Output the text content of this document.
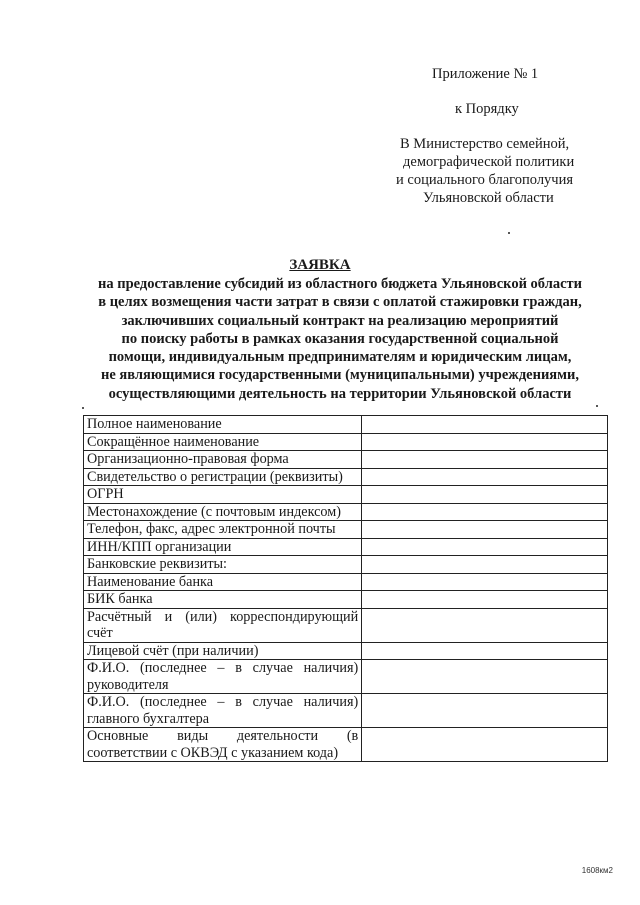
Приложение № 1
к Порядку
В Министерство семейной,
демографической политики
и социального благополучия
Ульяновской области
ЗАЯВКА
на предоставление субсидий из областного бюджета Ульяновской области
в целях возмещения части затрат в связи с оплатой стажировки граждан,
заключивших социальный контракт на реализацию мероприятий
по поиску работы в рамках оказания государственной социальной
помощи, индивидуальным предпринимателям и юридическим лицам,
не являющимися государственными (муниципальными) учреждениями,
осуществляющими деятельность на территории Ульяновской области
Полное наименование	
Сокращённое наименование	
Организационно-правовая форма	
Свидетельство о регистрации (реквизиты)	
ОГРН	
Местонахождение (с почтовым индексом)	
Телефон, факс, адрес электронной почты	
ИНН/КПП организации	
Банковские реквизиты:	
Наименование банка	
БИК банка	
Расчётный и (или) корреспондирующий счёт	
Лицевой счёт (при наличии)	
Ф.И.О. (последнее – в случае наличия) руководителя	
Ф.И.О. (последнее – в случае наличия) главного бухгалтера	
Основные виды деятельности (в соответствии с ОКВЭД с указанием кода)	
1608км2
